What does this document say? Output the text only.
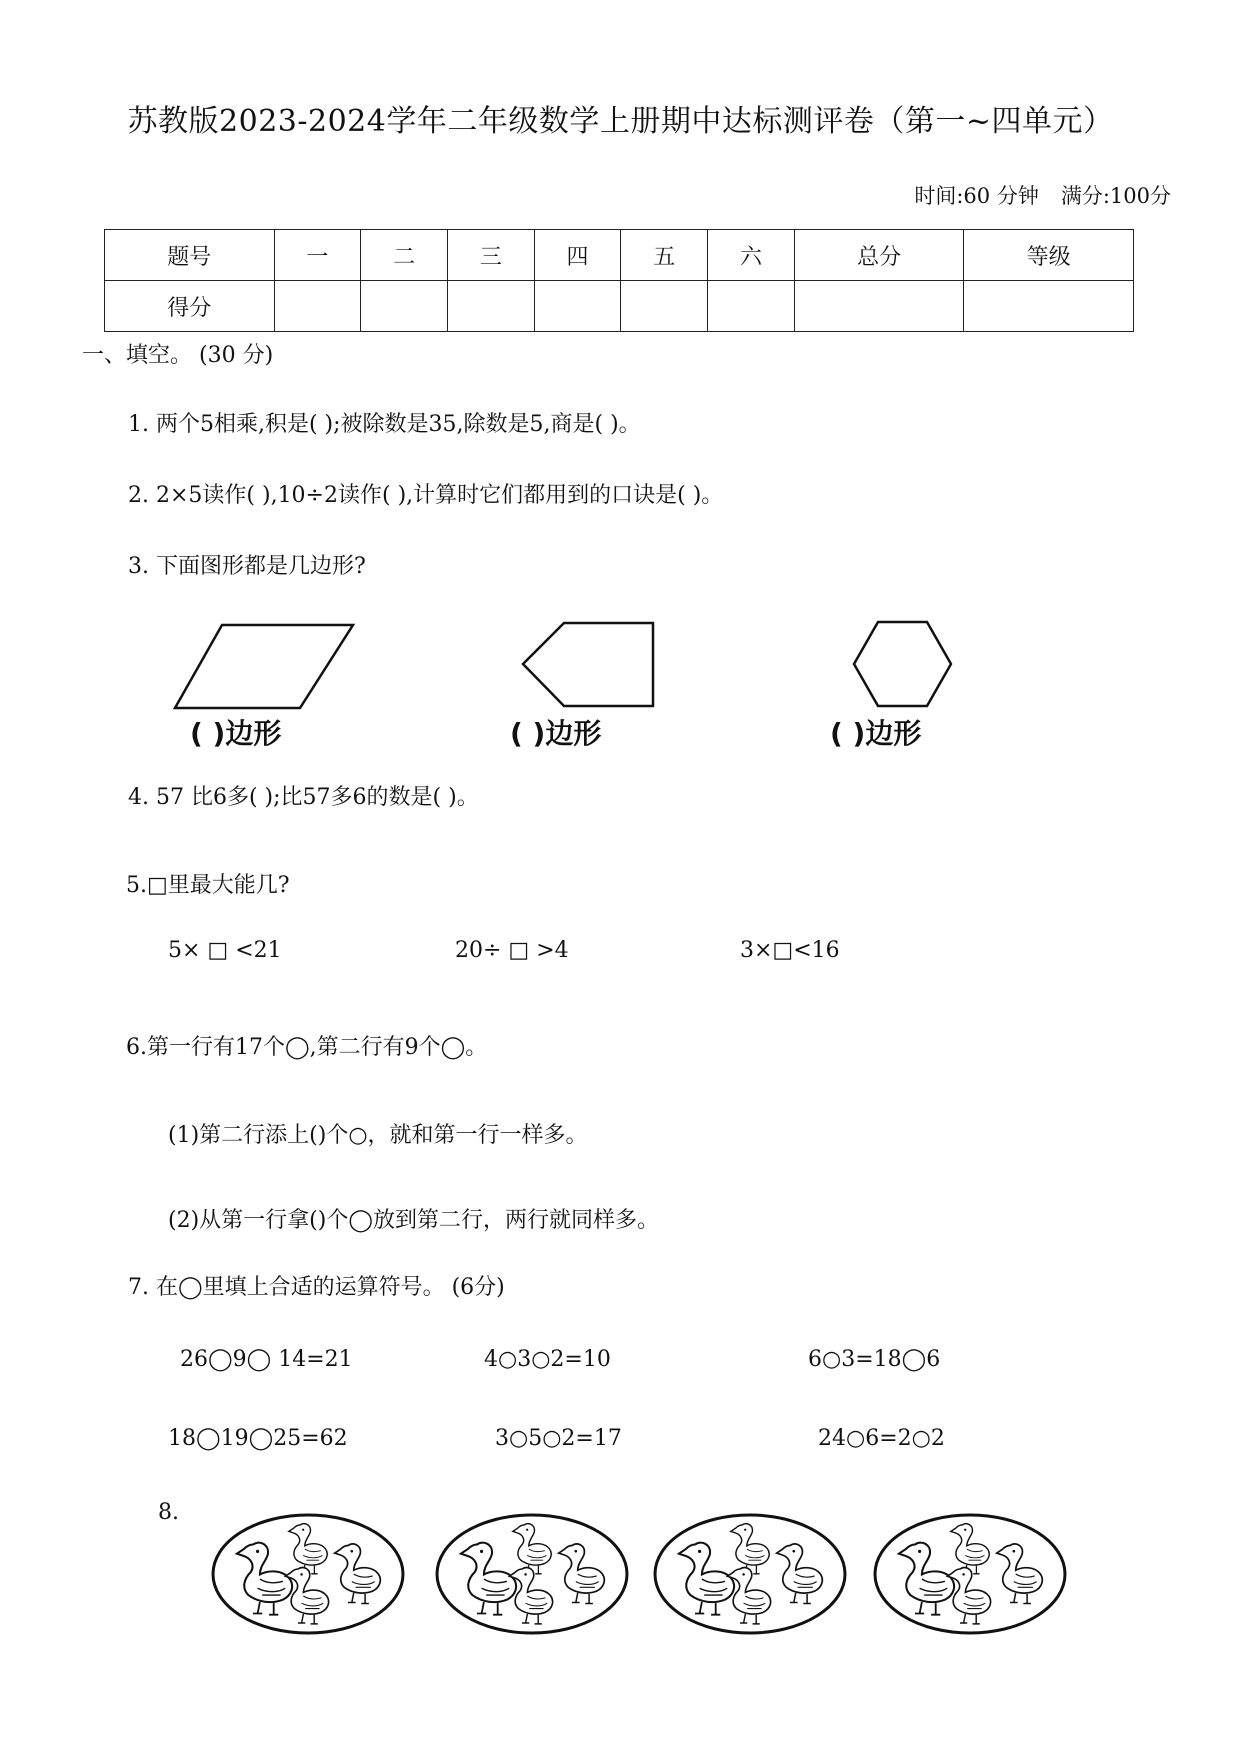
苏教版2023-2024学年二年级数学上册期中达标测评卷（第一~四单元）
时间:60 分钟 满分:100分
题号	一	二	三	四	五	六	总分	等级
得分								
一、填空。 (30 分)
1. 两个5相乘,积是( );被除数是35,除数是5,商是( )。
2. 2×5读作( ),10÷2读作( ),计算时它们都用到的口诀是( )。
3. 下面图形都是几边形?
( )边形	( )边形	( )边形
4. 57 比6多( );比57多6的数是( )。
5.□里最大能几?
5× □ <21	20÷ □ >4	3×□<16
6.第一行有17个◯,第二行有9个◯。
(1)第二行添上()个○，就和第一行一样多。
(2)从第一行拿()个◯放到第二行，两行就同样多。
7. 在◯里填上合适的运算符号。 (6分)
26◯9◯ 14=21	4○3○2=10	6○3=18◯6
18◯19◯25=62	3○5○2=17	24○6=2○2
8.
